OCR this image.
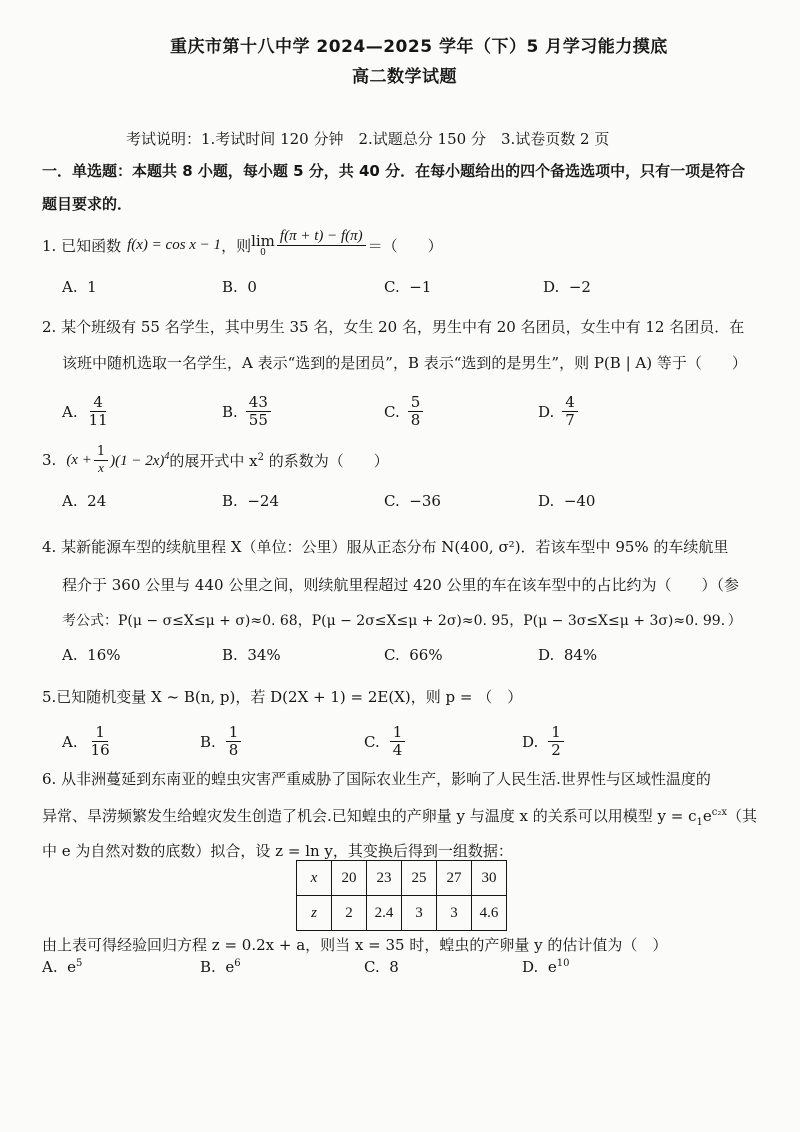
重庆市第十八中学 2024—2025 学年（下）5 月学习能力摸底
高二数学试题
考试说明：1.考试时间 120 分钟　2.试题总分 150 分　3.试卷页数 2 页
一．单选题：本题共 8 小题，每小题 5 分，共 40 分．在每小题给出的四个备选选项中，只有一项是符合
题目要求的．
1. 已知函数 f(x) = cos x − 1 ，则 lim
0
f(π + t) − f(π)

＝（　　）
A. 1	B. 0	C. −1	D. −2
2. 某个班级有 55 名学生，其中男生 35 名，女生 20 名，男生中有 20 名团员，女生中有 12 名团员．在
该班中随机选取一名学生，A 表示“选到的是团员”，B 表示“选到的是男生”，则 P(B | A) 等于（　　）
A. $\frac{4}{11}$	B. $\frac{43}{55}$	C. $\frac{5}{8}$	D. $\frac{4}{7}$
3. $(x + \frac{1}{x} )(1 - 2x)^4$ 的展开式中 $x^2$ 的系数为（　　）
A. 24	B. −24	C. −36	D. −40
4. 某新能源车型的续航里程 X（单位：公里）服从正态分布 N(400, σ²)．若该车型中 95% 的车续航里
程介于 360 公里与 440 公里之间，则续航里程超过 420 公里的车在该车型中的占比约为（　　）（参
考公式：P(μ − σ≤X≤μ + σ)≈0. 68，P(μ − 2σ≤X≤μ + 2σ)≈0. 95，P(μ − 3σ≤X≤μ + 3σ)≈0. 99．）
A. 16%	B. 34%	C. 66%	D. 84%
5.已知随机变量 X ~ B(n, p)，若 D(2X + 1) = 2E(X)，则 p = （　）
A. $\frac{1}{16}$	B. $\frac{1}{8}$	C. $\frac{1}{4}$	D. $\frac{1}{2}$
6. 从非洲蔓延到东南亚的蝗虫灾害严重威胁了国际农业生产，影响了人民生活.世界性与区域性温度的
异常、旱涝频繁发生给蝗灾发生创造了机会.已知蝗虫的产卵量 y 与温度 x 的关系可以用模型 $y = c_1e^{c_2x}$（其
中 e 为自然对数的底数）拟合，设 z = ln y，其变换后得到一组数据：
x	20	23	25	27	30
z	2	2.4	3	3	4.6
由上表可得经验回归方程 z = 0.2x + a，则当 x = 35 时，蝗虫的产卵量 y 的估计值为（　）
A. $e^5$	B. $e^6$	C. 8	D. $e^{10}$
